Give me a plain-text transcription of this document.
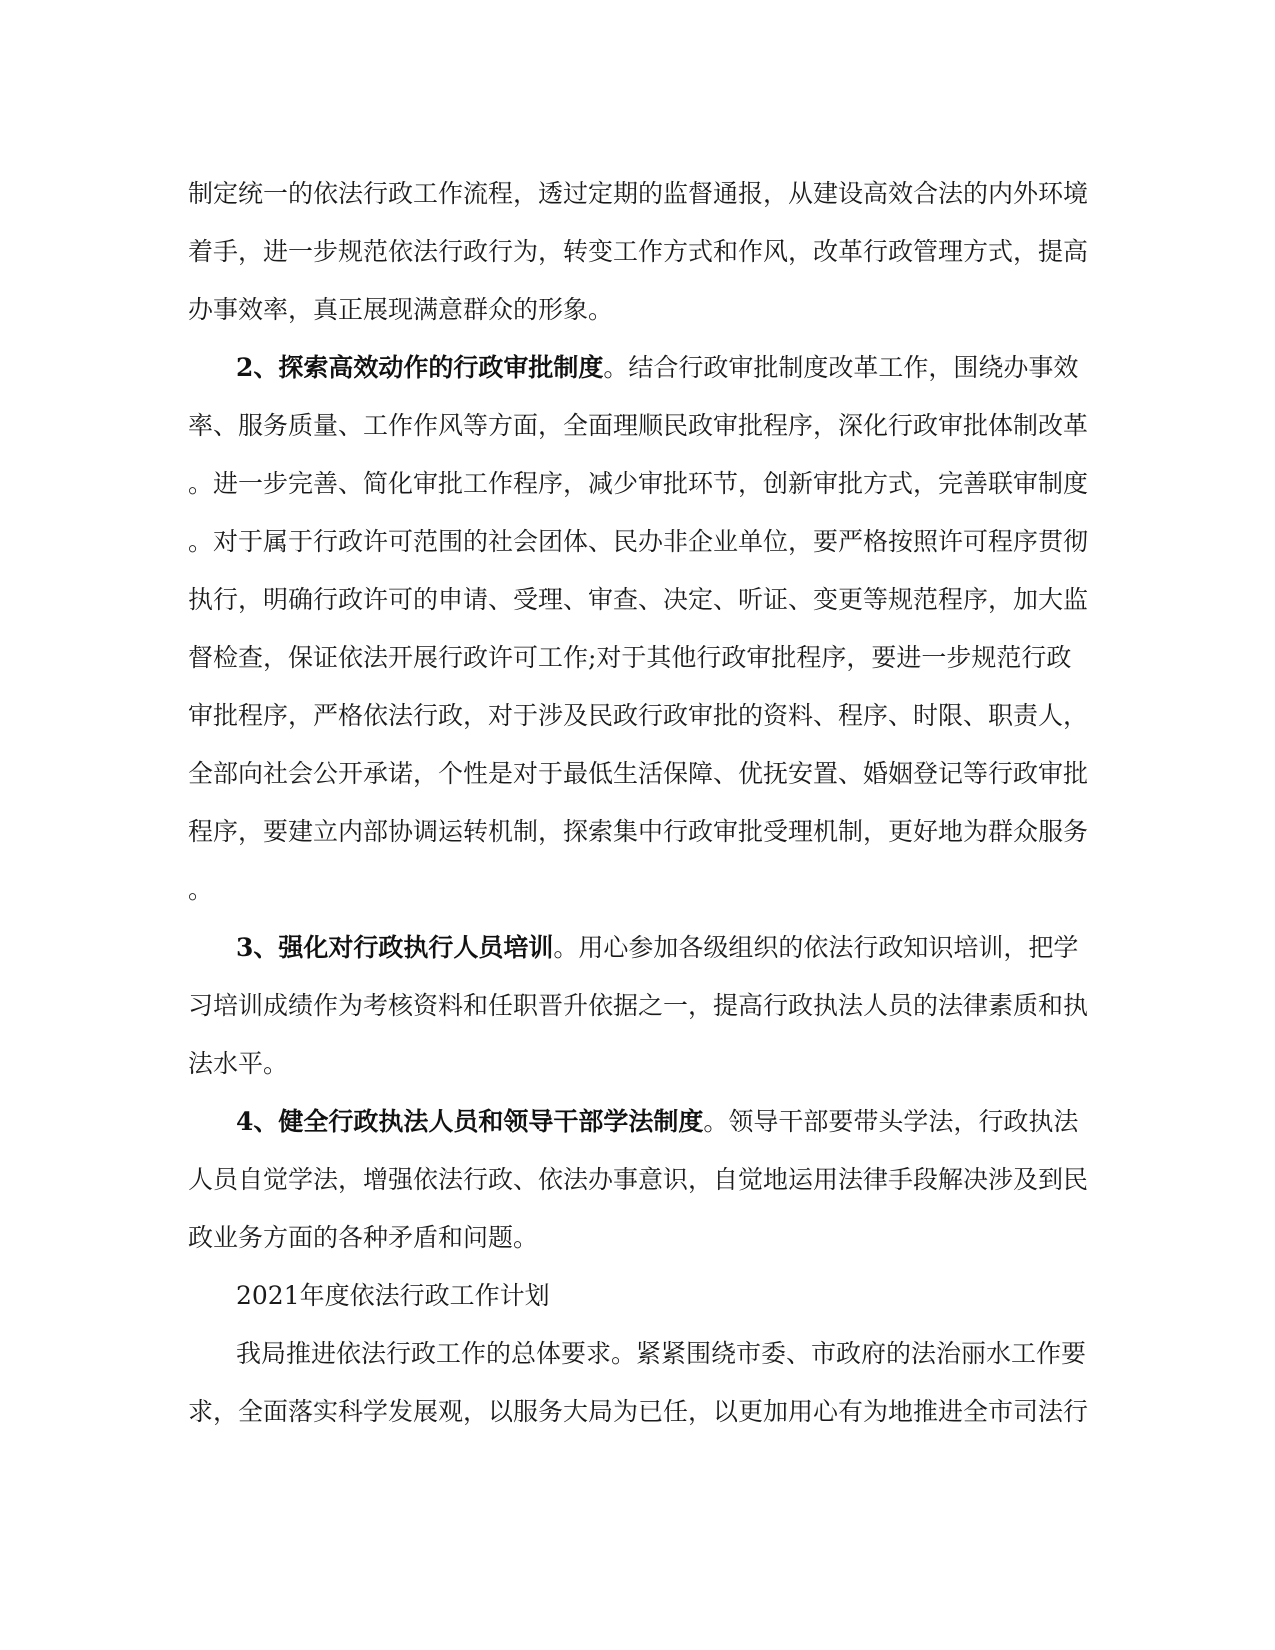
制定统一的依法行政工作流程，透过定期的监督通报，从建设高效合法的内外环境
着手，进一步规范依法行政行为，转变工作方式和作风，改革行政管理方式，提高
办事效率，真正展现满意群众的形象。
2、探索高效动作的行政审批制度。结合行政审批制度改革工作，围绕办事效
率、服务质量、工作作风等方面，全面理顺民政审批程序，深化行政审批体制改革
。进一步完善、简化审批工作程序，减少审批环节，创新审批方式，完善联审制度
。对于属于行政许可范围的社会团体、民办非企业单位，要严格按照许可程序贯彻
执行，明确行政许可的申请、受理、审查、决定、听证、变更等规范程序，加大监
督检查，保证依法开展行政许可工作;对于其他行政审批程序，要进一步规范行政
审批程序，严格依法行政，对于涉及民政行政审批的资料、程序、时限、职责人，
全部向社会公开承诺，个性是对于最低生活保障、优抚安置、婚姻登记等行政审批
程序，要建立内部协调运转机制，探索集中行政审批受理机制，更好地为群众服务
。
3、强化对行政执行人员培训。用心参加各级组织的依法行政知识培训，把学
习培训成绩作为考核资料和任职晋升依据之一，提高行政执法人员的法律素质和执
法水平。
4、健全行政执法人员和领导干部学法制度。领导干部要带头学法，行政执法
人员自觉学法，增强依法行政、依法办事意识，自觉地运用法律手段解决涉及到民
政业务方面的各种矛盾和问题。
2021年度依法行政工作计划
我局推进依法行政工作的总体要求。紧紧围绕市委、市政府的法治丽水工作要
求，全面落实科学发展观，以服务大局为已任，以更加用心有为地推进全市司法行
